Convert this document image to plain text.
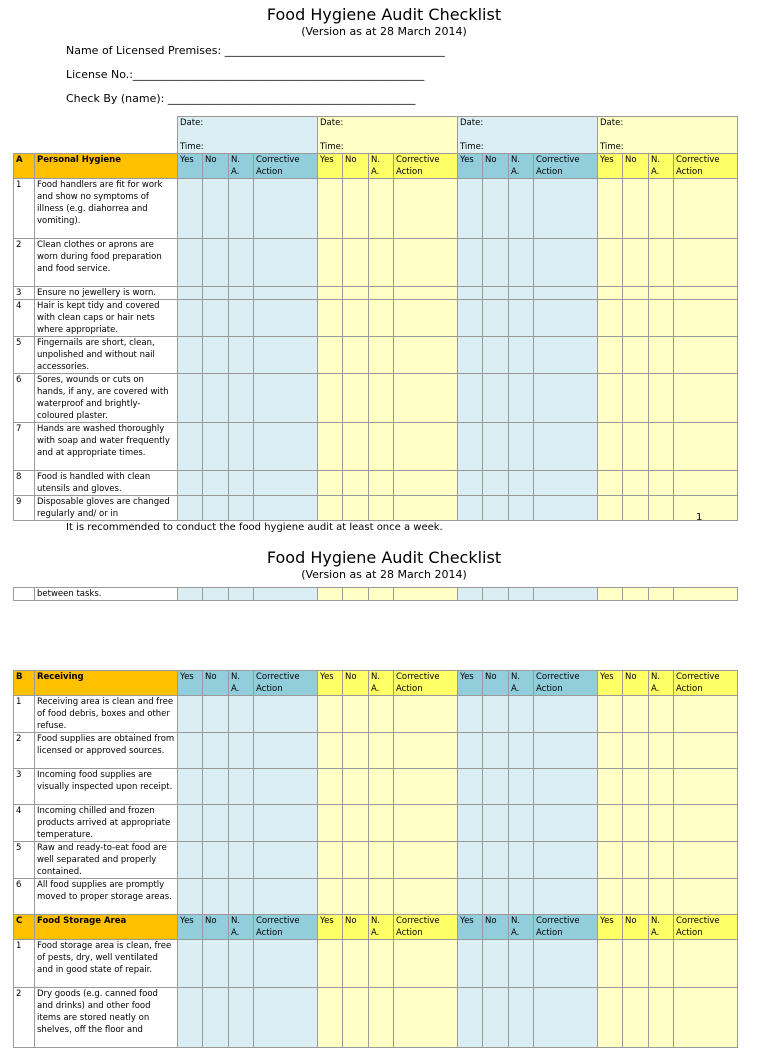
Food Hygiene Audit Checklist
(Version as at 28 March 2014)
Name of Licensed Premises: ________________________________________
License No.:_____________________________________________________
Check By (name): _____________________________________________
		Date:

Time:				Date:

Time:				Date:

Time:				Date:

Time:			
A	Personal Hygiene	Yes	No	N. A.	Corrective Action	Yes	No	N. A.	Corrective Action	Yes	No	N. A.	Corrective Action	Yes	No	N. A.	Corrective Action
1	Food handlers are fit for work and show no symptoms of illness (e.g. diahorrea and vomiting).																
2	Clean clothes or aprons are worn during food preparation and food service.																
3	Ensure no jewellery is worn.																
4	Hair is kept tidy and covered with clean caps or hair nets where appropriate.																
5	Fingernails are short, clean, unpolished and without nail accessories.																
6	Sores, wounds or cuts on hands, if any, are covered with waterproof and brightly-coloured plaster.																
7	Hands are washed thoroughly with soap and water frequently and at appropriate times.																
8	Food is handled with clean utensils and gloves.																
9	Disposable gloves are changed regularly and/ or in																
It is recommended to conduct the food hygiene audit at least once a week.
1
Food Hygiene Audit Checklist
(Version as at 28 March 2014)
	between tasks.																
B	Receiving	Yes	No	N. A.	Corrective Action	Yes	No	N. A.	Corrective Action	Yes	No	N. A.	Corrective Action	Yes	No	N. A.	Corrective Action
1	Receiving area is clean and free of food debris, boxes and other refuse.																
2	Food supplies are obtained from licensed or approved sources.																
3	Incoming food supplies are visually inspected upon receipt.																
4	Incoming chilled and frozen products arrived at appropriate temperature.																
5	Raw and ready-to-eat food are well separated and properly contained.																
6	All food supplies are promptly moved to proper storage areas.																
C	Food Storage Area	Yes	No	N. A.	Corrective Action	Yes	No	N. A.	Corrective Action	Yes	No	N. A.	Corrective Action	Yes	No	N. A.	Corrective Action
1	Food storage area is clean, free of pests, dry, well ventilated and in good state of repair.																
2	Dry goods (e.g. canned food and drinks) and other food items are stored neatly on shelves, off the floor and																
